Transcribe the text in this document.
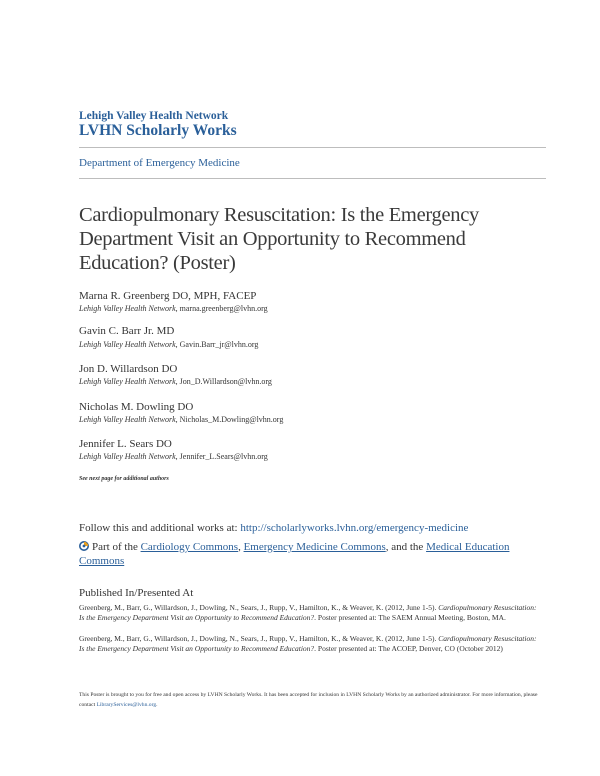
Lehigh Valley Health Network
LVHN Scholarly Works
Department of Emergency Medicine
Cardiopulmonary Resuscitation: Is the Emergency Department Visit an Opportunity to Recommend Education? (Poster)
Marna R. Greenberg DO, MPH, FACEP
Lehigh Valley Health Network, marna.greenberg@lvhn.org
Gavin C. Barr Jr. MD
Lehigh Valley Health Network, Gavin.Barr_jr@lvhn.org
Jon D. Willardson DO
Lehigh Valley Health Network, Jon_D.Willardson@lvhn.org
Nicholas M. Dowling DO
Lehigh Valley Health Network, Nicholas_M.Dowling@lvhn.org
Jennifer L. Sears DO
Lehigh Valley Health Network, Jennifer_L.Sears@lvhn.org
See next page for additional authors
Follow this and additional works at: http://scholarlyworks.lvhn.org/emergency-medicine
Part of the Cardiology Commons, Emergency Medicine Commons, and the Medical Education Commons
Published In/Presented At
Greenberg, M., Barr, G., Willardson, J., Dowling, N., Sears, J., Rupp, V., Hamilton, K., & Weaver, K. (2012, June 1-5). Cardiopulmonary Resuscitation: Is the Emergency Department Visit an Opportunity to Recommend Education?. Poster presented at: The SAEM Annual Meeting, Boston, MA.
Greenberg, M., Barr, G., Willardson, J., Dowling, N., Sears, J., Rupp, V., Hamilton, K., & Weaver, K. (2012, June 1-5). Cardiopulmonary Resuscitation: Is the Emergency Department Visit an Opportunity to Recommend Education?. Poster presented at: The ACOEP, Denver, CO (October 2012)
This Poster is brought to you for free and open access by LVHN Scholarly Works. It has been accepted for inclusion in LVHN Scholarly Works by an authorized administrator. For more information, please contact LibraryServices@lvhn.org.
